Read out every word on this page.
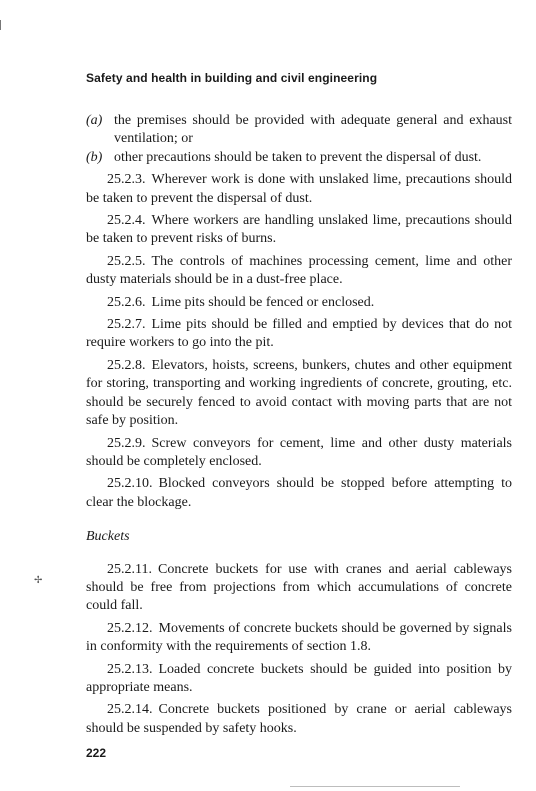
Safety and health in building and civil engineering
(a) the premises should be provided with adequate general and exhaust ventilation; or
(b) other precautions should be taken to prevent the dispersal of dust.

25.2.3. Wherever work is done with unslaked lime, precautions should be taken to prevent the dispersal of dust.

25.2.4. Where workers are handling unslaked lime, precautions should be taken to prevent risks of burns.

25.2.5. The controls of machines processing cement, lime and other dusty materials should be in a dust-free place.

25.2.6. Lime pits should be fenced or enclosed.

25.2.7. Lime pits should be filled and emptied by devices that do not require workers to go into the pit.

25.2.8. Elevators, hoists, screens, bunkers, chutes and other equipment for storing, transporting and working ingredients of concrete, grouting, etc. should be securely fenced to avoid contact with moving parts that are not safe by position.

25.2.9. Screw conveyors for cement, lime and other dusty materials should be completely enclosed.

25.2.10. Blocked conveyors should be stopped before attempting to clear the blockage.

Buckets

25.2.11. Concrete buckets for use with cranes and aerial cableways should be free from projections from which accumulations of concrete could fall.

25.2.12. Movements of concrete buckets should be governed by signals in conformity with the requirements of section 1.8.

25.2.13. Loaded concrete buckets should be guided into position by appropriate means.

25.2.14. Concrete buckets positioned by crane or aerial cableways should be suspended by safety hooks.

222
✢
